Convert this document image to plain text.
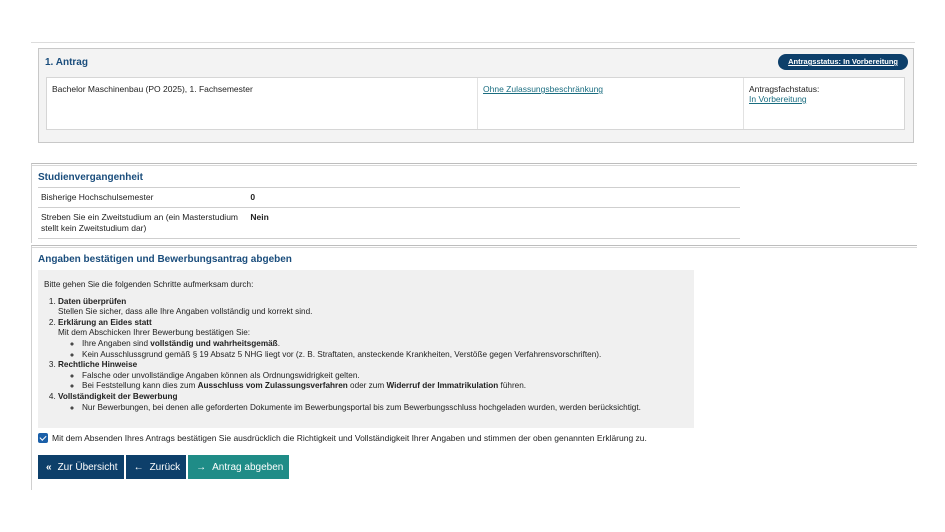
1. Antrag	Antragsstatus: In Vorbereitung
Bachelor Maschinenbau (PO 2025), 1. Fachsemester	Ohne Zulassungsbeschränkung	Antragsfachstatus:
In Vorbereitung
Studienvergangenheit
Bisherige Hochschulsemester	0
Streben Sie ein Zweitstudium an (ein Masterstudium stellt kein Zweitstudium dar) Nein
Angaben bestätigen und Bewerbungsantrag abgeben
Bitte gehen Sie die folgenden Schritte aufmerksam durch:
1. Daten überprüfen
Stellen Sie sicher, dass alle Ihre Angaben vollständig und korrekt sind.
2. Erklärung an Eides statt
Mit dem Abschicken Ihrer Bewerbung bestätigen Sie:
◦ Ihre Angaben sind vollständig und wahrheitsgemäß.
◦ Kein Ausschlussgrund gemäß § 19 Absatz 5 NHG liegt vor (z. B. Straftaten, ansteckende Krankheiten, Verstöße gegen Verfahrensvorschriften).
3. Rechtliche Hinweise
◦ Falsche oder unvollständige Angaben können als Ordnungswidrigkeit gelten.
◦ Bei Feststellung kann dies zum Ausschluss vom Zulassungsverfahren oder zum Widerruf der Immatrikulation führen.
4. Vollständigkeit der Bewerbung
◦ Nur Bewerbungen, bei denen alle geforderten Dokumente im Bewerbungsportal bis zum Bewerbungsschluss hochgeladen wurden, werden berücksichtigt.
Mit dem Absenden Ihres Antrags bestätigen Sie ausdrücklich die Richtigkeit und Vollständigkeit Ihrer Angaben und stimmen der oben genannten Erklärung zu.
« Zur Übersicht ← Zurück → Antrag abgeben
